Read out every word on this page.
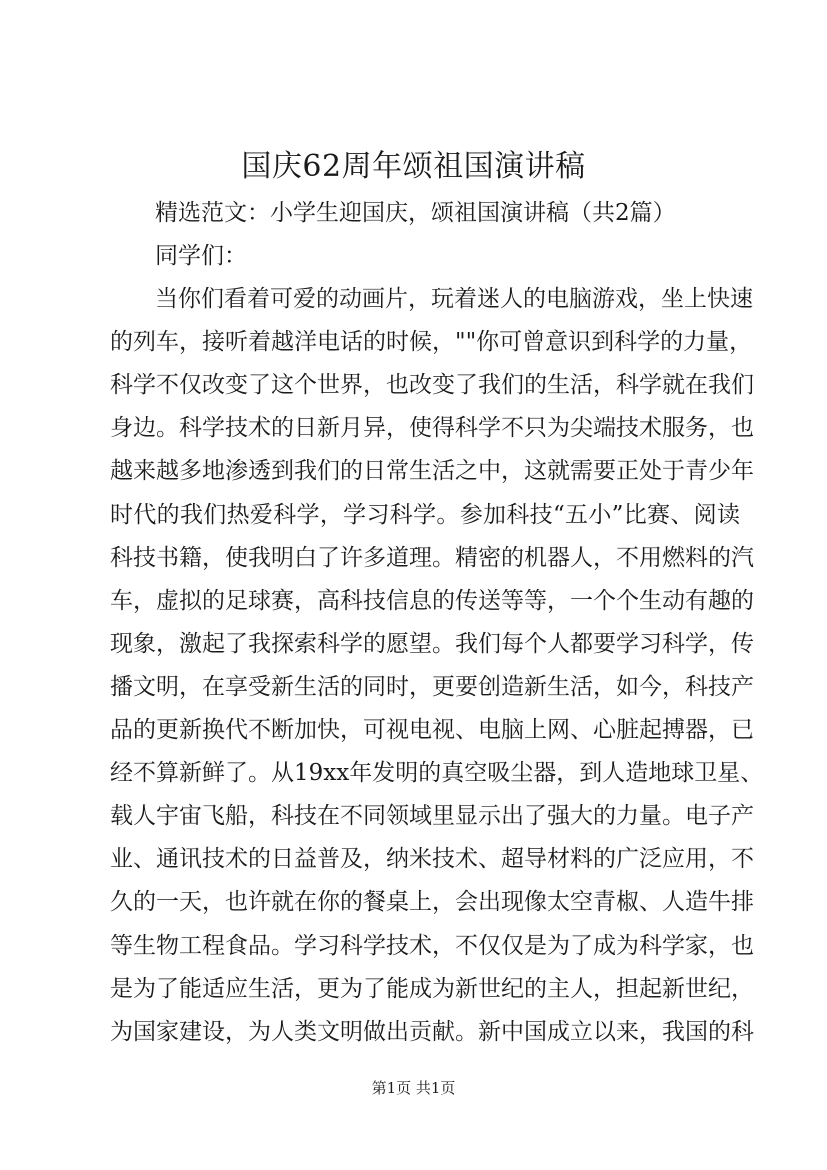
国庆62周年颂祖国演讲稿
精选范文：小学生迎国庆，颂祖国演讲稿（共2篇）
同学们：
当你们看着可爱的动画片，玩着迷人的电脑游戏，坐上快速
的列车，接听着越洋电话的时候，""你可曾意识到科学的力量，
科学不仅改变了这个世界，也改变了我们的生活，科学就在我们
身边。科学技术的日新月异，使得科学不只为尖端技术服务，也
越来越多地渗透到我们的日常生活之中，这就需要正处于青少年
时代的我们热爱科学，学习科学。参加科技“五小”比赛、阅读
科技书籍，使我明白了许多道理。精密的机器人，不用燃料的汽
车，虚拟的足球赛，高科技信息的传送等等，一个个生动有趣的
现象，激起了我探索科学的愿望。我们每个人都要学习科学，传
播文明，在享受新生活的同时，更要创造新生活，如今，科技产
品的更新换代不断加快，可视电视、电脑上网、心脏起搏器，已
经不算新鲜了。从19xx年发明的真空吸尘器，到人造地球卫星、
载人宇宙飞船，科技在不同领域里显示出了强大的力量。电子产
业、通讯技术的日益普及，纳米技术、超导材料的广泛应用，不
久的一天，也许就在你的餐桌上，会出现像太空青椒、人造牛排
等生物工程食品。学习科学技术，不仅仅是为了成为科学家，也
是为了能适应生活，更为了能成为新世纪的主人，担起新世纪，
为国家建设，为人类文明做出贡献。新中国成立以来，我国的科
第1页 共1页
